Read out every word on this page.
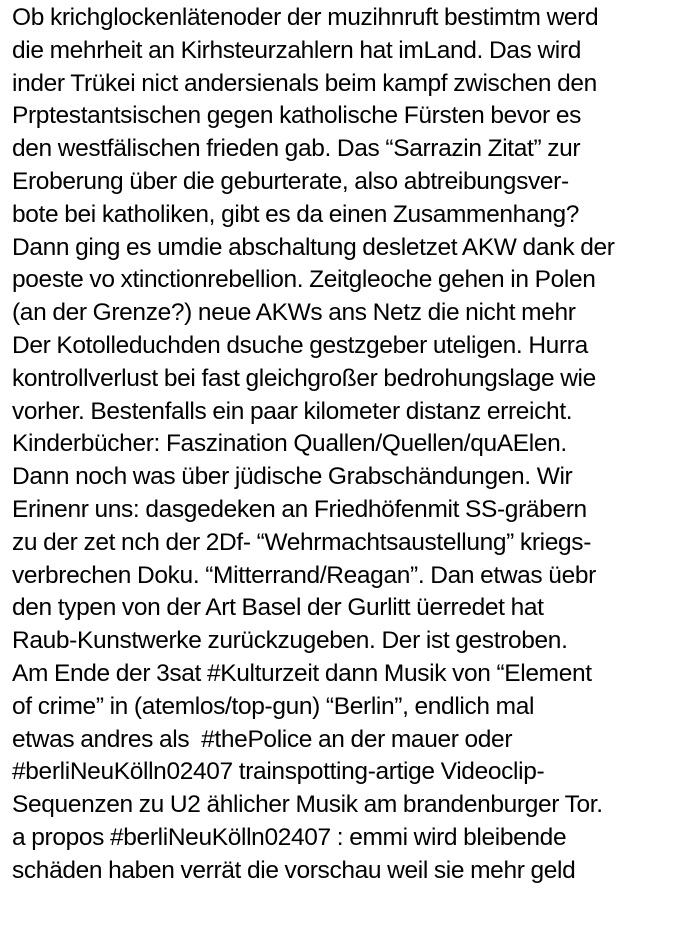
Ob krichglockenlätenoder der muzihnruft bestimtm werd
die mehrheit an Kirhsteurzahlern hat imLand. Das wird
inder Trükei nict andersienals beim kampf zwischen den
Prptestantsischen gegen katholische Fürsten bevor es
den westfälischen frieden gab. Das “Sarrazin Zitat” zur
Eroberung über die geburterate, also abtreibungsver-
bote bei katholiken, gibt es da einen Zusammenhang?
Dann ging es umdie abschaltung desletzet AKW dank der
poeste vo xtinctionrebellion. Zeitgleoche gehen in Polen
(an der Grenze?) neue AKWs ans Netz die nicht mehr
Der Kotolleduchden dsuche gestzgeber uteligen. Hurra
kontrollverlust bei fast gleichgroßer bedrohungslage wie
vorher. Bestenfalls ein paar kilometer distanz erreicht.
Kinderbücher: Faszination Quallen/Quellen/quAElen.
Dann noch was über jüdische Grabschändungen. Wir
Erinenr uns: dasgedeken an Friedhöfenmit SS-gräbern
zu der zet nch der 2Df- “Wehrmachtsaustellung” kriegs-
verbrechen Doku. “Mitterrand/Reagan”. Dan etwas üebr
den typen von der Art Basel der Gurlitt üerredet hat
Raub-Kunstwerke zurückzugeben. Der ist gestroben.
Am Ende der 3sat #Kulturzeit dann Musik von “Element
of crime” in (atemlos/top-gun) “Berlin”, endlich mal
etwas andres als  #thePolice an der mauer oder
#berliNeuKölln02407 trainspotting-artige Videoclip-
Sequenzen zu U2 ählicher Musik am brandenburger Tor.
a propos #berliNeuKölln02407 : emmi wird bleibende
schäden haben verrät die vorschau weil sie mehr geld
